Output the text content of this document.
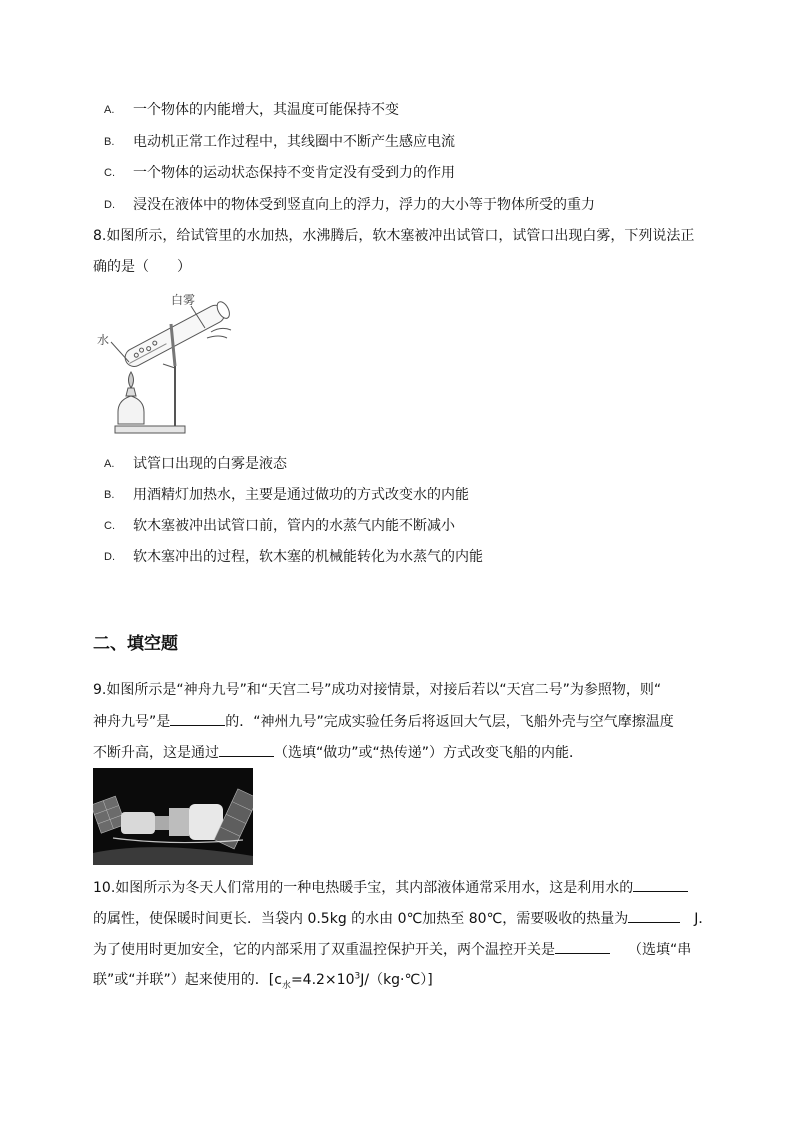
A. 一个物体的内能增大，其温度可能保持不变
B. 电动机正常工作过程中，其线圈中不断产生感应电流
C. 一个物体的运动状态保持不变肯定没有受到力的作用
D. 浸没在液体中的物体受到竖直向上的浮力，浮力的大小等于物体所受的重力
8.如图所示，给试管里的水加热，水沸腾后，软木塞被冲出试管口，试管口出现白雾，下列说法正
确的是（　　）
白雾
水
A. 试管口出现的白雾是液态
B. 用酒精灯加热水，主要是通过做功的方式改变水的内能
C. 软木塞被冲出试管口前，管内的水蒸气内能不断减小
D. 软木塞冲出的过程，软木塞的机械能转化为水蒸气的内能
二、填空题
9.如图所示是“神舟九号”和“天宫二号”成功对接情景，对接后若以“天宫二号”为参照物，则“
神舟九号”是	的．“神州九号”完成实验任务后将返回大气层，飞船外壳与空气摩擦温度
不断升高，这是通过	（选填“做功”或“热传递”）方式改变飞船的内能．
10.如图所示为冬天人们常用的一种电热暖手宝，其内部液体通常采用水，这是利用水的
的属性，使保暖时间更长．当袋内 0.5kg 的水由 0℃加热至 80℃，需要吸收的热量为	J．
为了使用时更加安全，它的内部采用了双重温控保护开关，两个温控开关是	（选填“串
联”或“并联”）起来使用的．$[c_水=4.2\times 10^3J/(kg\cdot℃)]$
